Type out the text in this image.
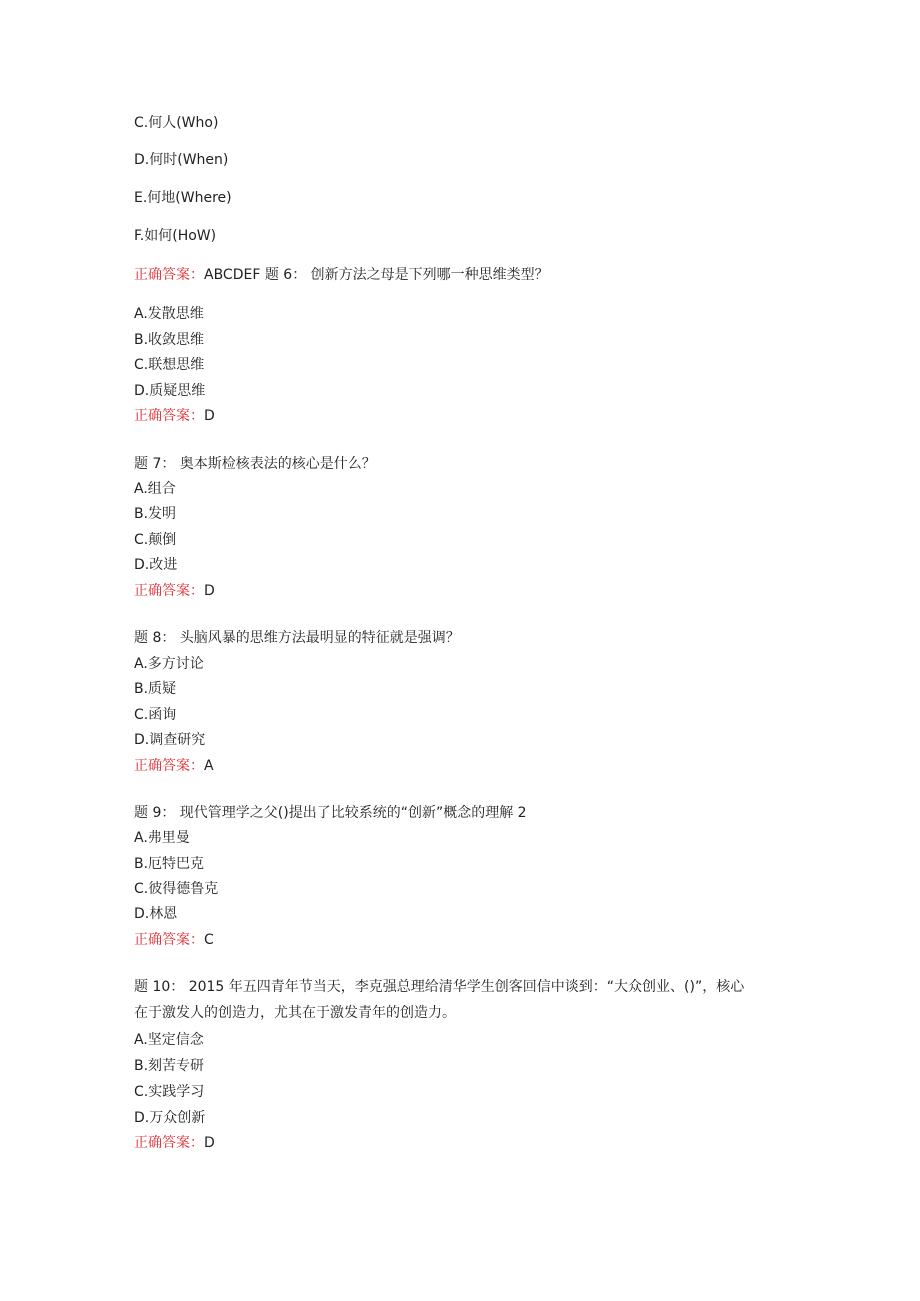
C.何人(Who)
D.何时(When)
E.何地(Where)
F.如何(HoW)
正确答案：ABCDEF 题 6： 创新方法之母是下列哪一种思维类型？
A.发散思维
B.收敛思维
C.联想思维
D.质疑思维
正确答案：D
题 7： 奥本斯检核表法的核心是什么？
A.组合
B.发明
C.颠倒
D.改进
正确答案：D
题 8： 头脑风暴的思维方法最明显的特征就是强调？
A.多方讨论
B.质疑
C.函询
D.调查研究
正确答案：A
题 9： 现代管理学之父()提出了比较系统的“创新”概念的理解 2
A.弗里曼
B.厄特巴克
C.彼得德鲁克
D.林恩
正确答案：C
题 10： 2015 年五四青年节当天，李克强总理给清华学生创客回信中谈到：“大众创业、()”，核心
在于激发人的创造力，尤其在于激发青年的创造力。
A.坚定信念
B.刻苦专研
C.实践学习
D.万众创新
正确答案：D
